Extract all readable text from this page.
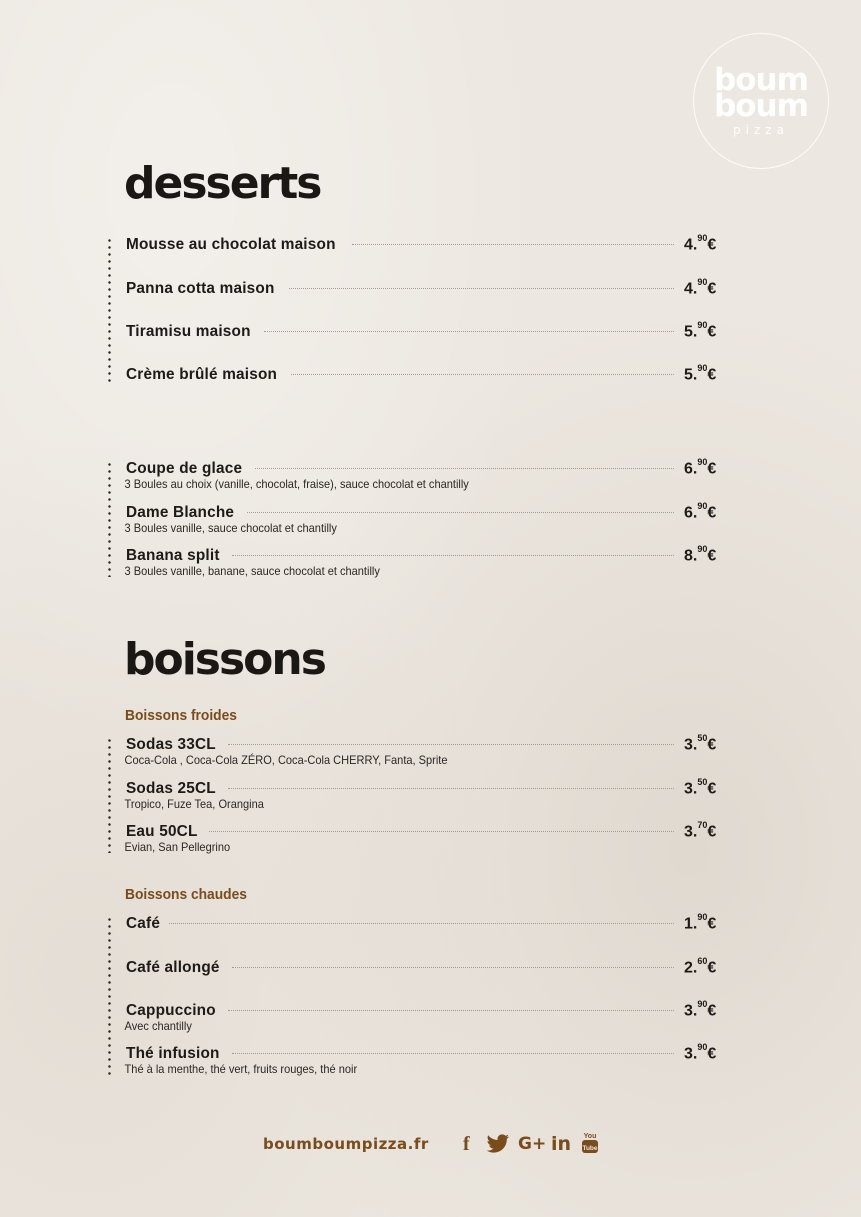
boum
boum
pizza
desserts
Mousse au chocolat maison	4.90€
Panna cotta maison	4.90€
Tiramisu maison	5.90€
Crème brûlé maison	5.90€
Coupe de glace	6.90€
3 Boules au choix (vanille, chocolat, fraise), sauce chocolat et chantilly
Dame Blanche	6.90€
3 Boules vanille, sauce chocolat et chantilly
Banana split	8.90€
3 Boules vanille, banane, sauce chocolat et chantilly
boissons
Boissons froides
Sodas 33CL	3.50€
Coca-Cola , Coca-Cola ZÉRO, Coca-Cola CHERRY, Fanta, Sprite
Sodas 25CL	3.50€
Tropico, Fuze Tea, Orangina
Eau 50CL	3.70€
Evian, San Pellegrino
Boissons chaudes
Café	1.90€
Café allongé	2.60€
Cappuccino	3.90€
Avec chantilly
Thé infusion	3.90€
Thé à la menthe, thé vert, fruits rouges, thé noir
boumboumpizza.fr f	G+ in You
Tube
